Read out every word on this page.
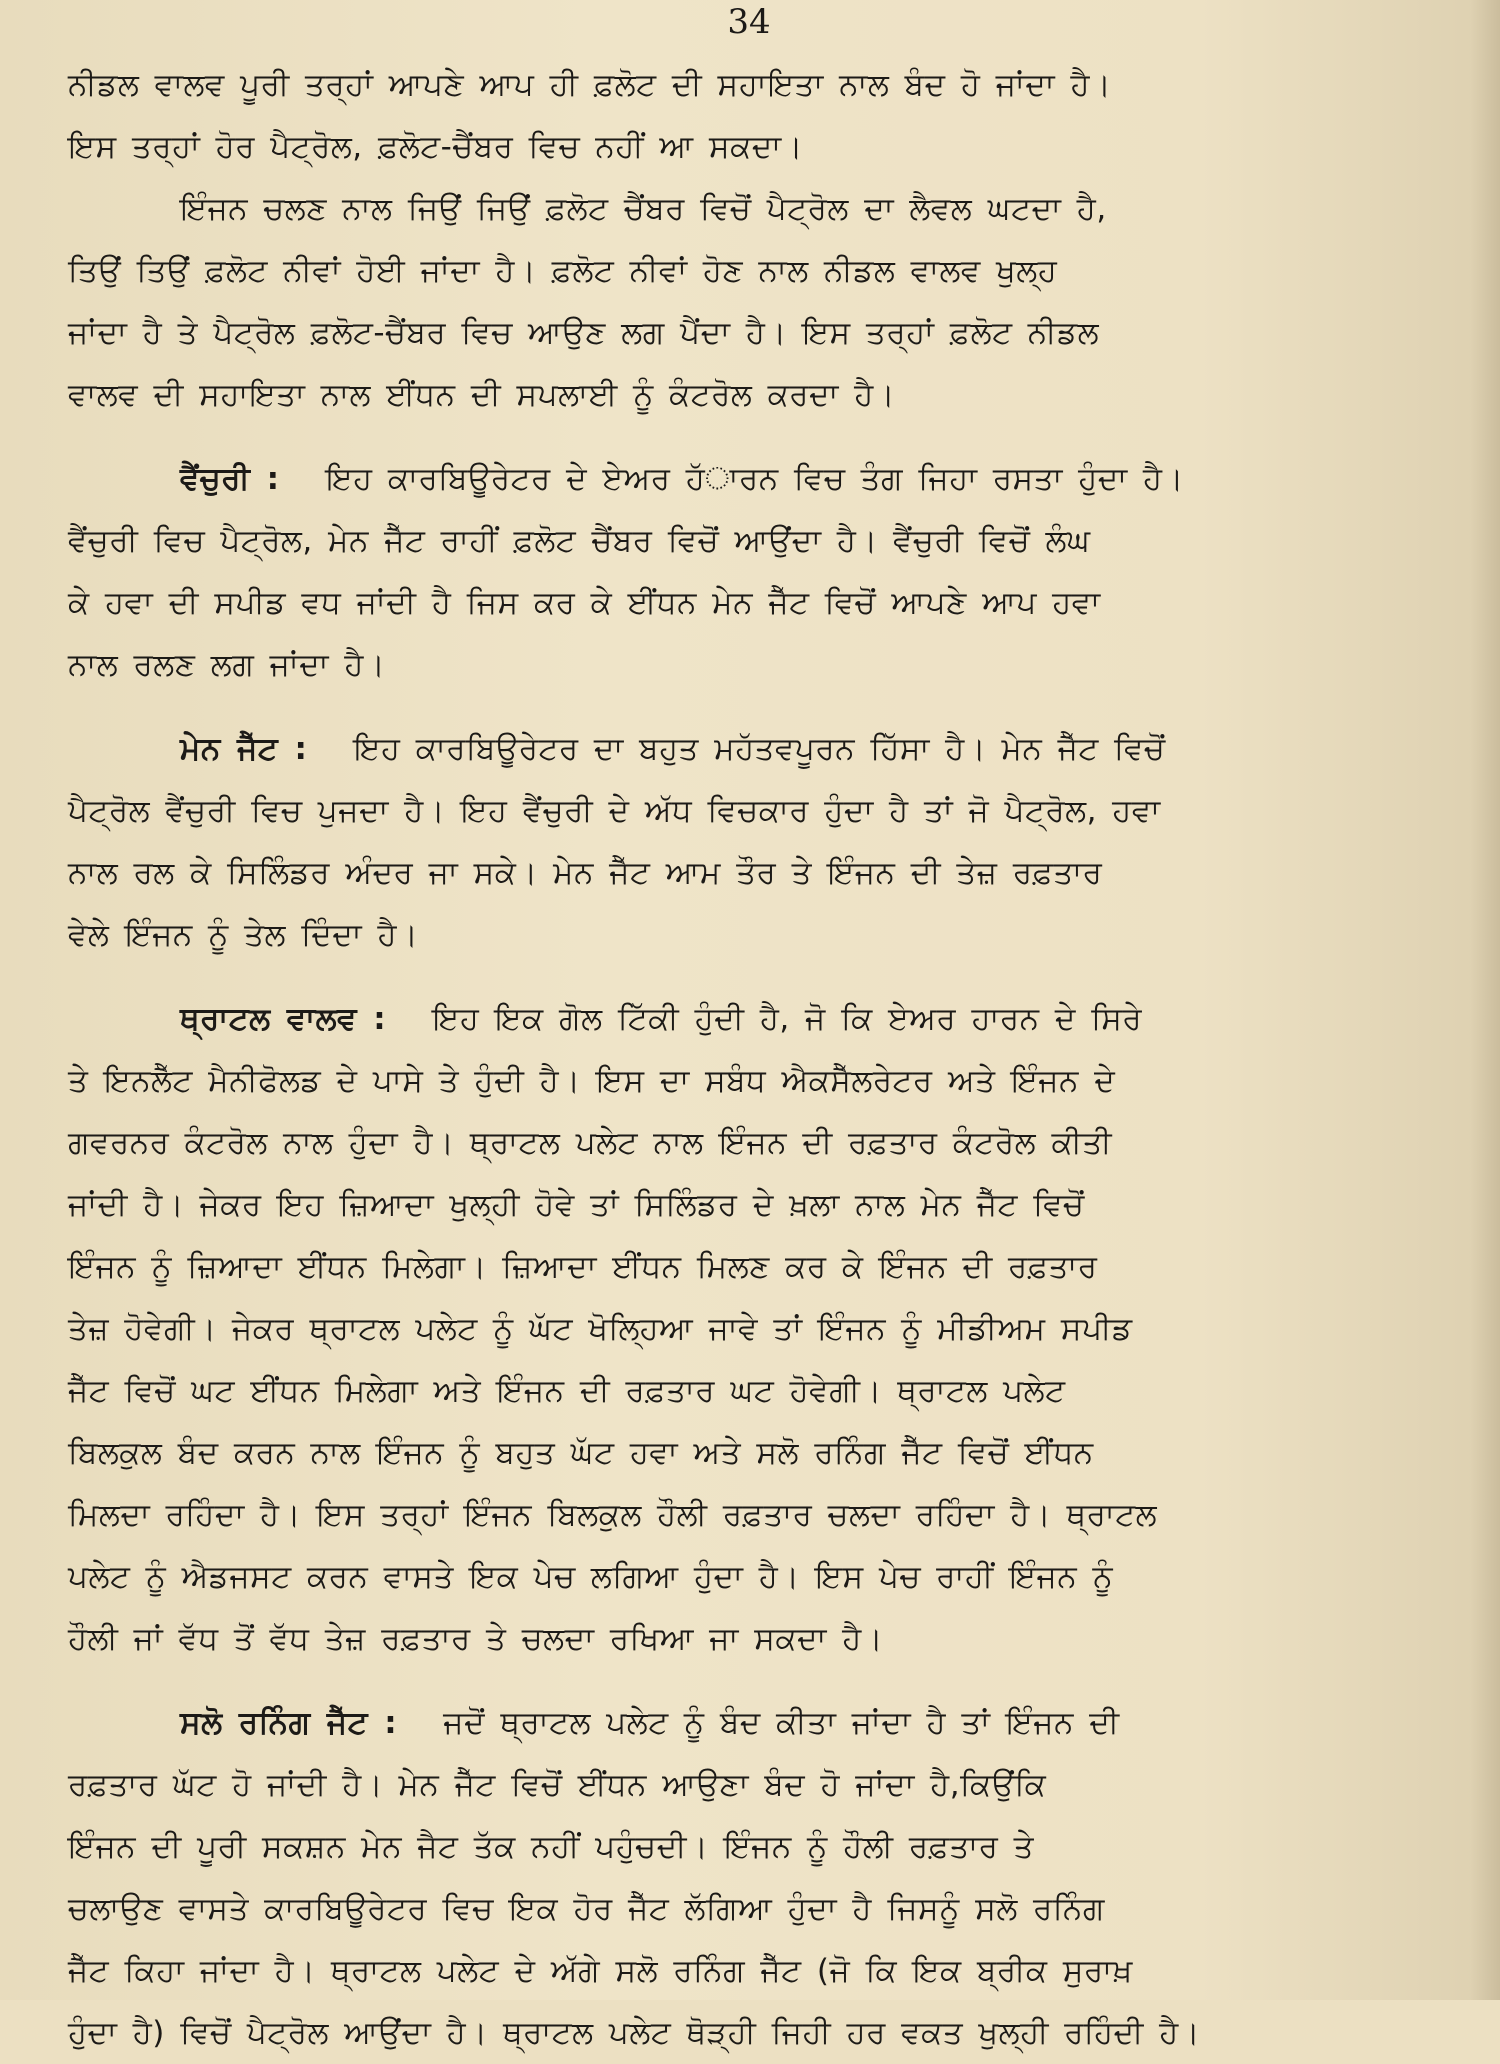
34
ਨੀਡਲ ਵਾਲਵ ਪੂਰੀ ਤਰ੍ਹਾਂ ਆਪਣੇ ਆਪ ਹੀ ਫ਼ਲੋਟ ਦੀ ਸਹਾਇਤਾ ਨਾਲ ਬੰਦ ਹੋ ਜਾਂਦਾ ਹੈ।
ਇਸ ਤਰ੍ਹਾਂ ਹੋਰ ਪੈਟ੍ਰੋਲ, ਫ਼ਲੋਟ-ਚੈਂਬਰ ਵਿਚ ਨਹੀਂ ਆ ਸਕਦਾ।
ਇੰਜਨ ਚਲਣ ਨਾਲ ਜਿਉਂ ਜਿਉਂ ਫ਼ਲੋਟ ਚੈਂਬਰ ਵਿਚੋਂ ਪੈਟ੍ਰੋਲ ਦਾ ਲੈਵਲ ਘਟਦਾ ਹੈ,
ਤਿਉਂ ਤਿਉਂ ਫ਼ਲੋਟ ਨੀਵਾਂ ਹੋਈ ਜਾਂਦਾ ਹੈ। ਫ਼ਲੋਟ ਨੀਵਾਂ ਹੋਣ ਨਾਲ ਨੀਡਲ ਵਾਲਵ ਖੁਲ੍ਹ
ਜਾਂਦਾ ਹੈ ਤੇ ਪੈਟ੍ਰੋਲ ਫ਼ਲੋਟ-ਚੈਂਬਰ ਵਿਚ ਆਉਣ ਲਗ ਪੈਂਦਾ ਹੈ। ਇਸ ਤਰ੍ਹਾਂ ਫ਼ਲੋਟ ਨੀਡਲ
ਵਾਲਵ ਦੀ ਸਹਾਇਤਾ ਨਾਲ ਈਂਧਨ ਦੀ ਸਪਲਾਈ ਨੂੰ ਕੰਟਰੋਲ ਕਰਦਾ ਹੈ।
ਵੈਂਚੁਰੀ : ਇਹ ਕਾਰਬਿਊਰੇਟਰ ਦੇ ਏਅਰ ਹੱਾਰਨ ਵਿਚ ਤੰਗ ਜਿਹਾ ਰਸਤਾ ਹੁੰਦਾ ਹੈ।
ਵੈਂਚੁਰੀ ਵਿਚ ਪੈਟ੍ਰੋਲ, ਮੇਨ ਜੈੱਟ ਰਾਹੀਂ ਫ਼ਲੋਟ ਚੈਂਬਰ ਵਿਚੋਂ ਆਉਂਦਾ ਹੈ। ਵੈਂਚੁਰੀ ਵਿਚੋਂ ਲੰਘ
ਕੇ ਹਵਾ ਦੀ ਸਪੀਡ ਵਧ ਜਾਂਦੀ ਹੈ ਜਿਸ ਕਰ ਕੇ ਈਂਧਨ ਮੇਨ ਜੈੱਟ ਵਿਚੋਂ ਆਪਣੇ ਆਪ ਹਵਾ
ਨਾਲ ਰਲਣ ਲਗ ਜਾਂਦਾ ਹੈ।
ਮੇਨ ਜੈੱਟ : ਇਹ ਕਾਰਬਿਊਰੇਟਰ ਦਾ ਬਹੁਤ ਮਹੱਤਵਪੂਰਨ ਹਿੱਸਾ ਹੈ। ਮੇਨ ਜੈੱਟ ਵਿਚੋਂ
ਪੈਟ੍ਰੋਲ ਵੈਂਚੁਰੀ ਵਿਚ ਪੁਜਦਾ ਹੈ। ਇਹ ਵੈਂਚੁਰੀ ਦੇ ਅੱਧ ਵਿਚਕਾਰ ਹੁੰਦਾ ਹੈ ਤਾਂ ਜੋ ਪੈਟ੍ਰੋਲ, ਹਵਾ
ਨਾਲ ਰਲ ਕੇ ਸਿਲਿੰਡਰ ਅੰਦਰ ਜਾ ਸਕੇ। ਮੇਨ ਜੈੱਟ ਆਮ ਤੌਰ ਤੇ ਇੰਜਨ ਦੀ ਤੇਜ਼ ਰਫ਼ਤਾਰ
ਵੇਲੇ ਇੰਜਨ ਨੂੰ ਤੇਲ ਦਿੰਦਾ ਹੈ।
ਥ੍ਰਾਟਲ ਵਾਲਵ : ਇਹ ਇਕ ਗੋਲ ਟਿੱਕੀ ਹੁੰਦੀ ਹੈ, ਜੋ ਕਿ ਏਅਰ ਹਾਰਨ ਦੇ ਸਿਰੇ
ਤੇ ਇਨਲੈੱਟ ਮੈਨੀਫੋਲਡ ਦੇ ਪਾਸੇ ਤੇ ਹੁੰਦੀ ਹੈ। ਇਸ ਦਾ ਸਬੰਧ ਐਕਸੈੱਲਰੇਟਰ ਅਤੇ ਇੰਜਨ ਦੇ
ਗਵਰਨਰ ਕੰਟਰੋਲ ਨਾਲ ਹੁੰਦਾ ਹੈ। ਥ੍ਰਾਟਲ ਪਲੇਟ ਨਾਲ ਇੰਜਨ ਦੀ ਰਫ਼ਤਾਰ ਕੰਟਰੋਲ ਕੀਤੀ
ਜਾਂਦੀ ਹੈ। ਜੇਕਰ ਇਹ ਜ਼ਿਆਦਾ ਖੁਲ੍ਹੀ ਹੋਵੇ ਤਾਂ ਸਿਲਿੰਡਰ ਦੇ ਖ਼ਲਾ ਨਾਲ ਮੇਨ ਜੈੱਟ ਵਿਚੋਂ
ਇੰਜਨ ਨੂੰ ਜ਼ਿਆਦਾ ਈਂਧਨ ਮਿਲੇਗਾ। ਜ਼ਿਆਦਾ ਈਂਧਨ ਮਿਲਣ ਕਰ ਕੇ ਇੰਜਨ ਦੀ ਰਫ਼ਤਾਰ
ਤੇਜ਼ ਹੋਵੇਗੀ। ਜੇਕਰ ਥ੍ਰਾਟਲ ਪਲੇਟ ਨੂੰ ਘੱਟ ਖੋਲ੍ਹਿਆ ਜਾਵੇ ਤਾਂ ਇੰਜਨ ਨੂੰ ਮੀਡੀਅਮ ਸਪੀਡ
ਜੈੱਟ ਵਿਚੋਂ ਘਟ ਈਂਧਨ ਮਿਲੇਗਾ ਅਤੇ ਇੰਜਨ ਦੀ ਰਫ਼ਤਾਰ ਘਟ ਹੋਵੇਗੀ। ਥ੍ਰਾਟਲ ਪਲੇਟ
ਬਿਲਕੁਲ ਬੰਦ ਕਰਨ ਨਾਲ ਇੰਜਨ ਨੂੰ ਬਹੁਤ ਘੱਟ ਹਵਾ ਅਤੇ ਸਲੋ ਰਨਿੰਗ ਜੈੱਟ ਵਿਚੋਂ ਈਂਧਨ
ਮਿਲਦਾ ਰਹਿੰਦਾ ਹੈ। ਇਸ ਤਰ੍ਹਾਂ ਇੰਜਨ ਬਿਲਕੁਲ ਹੌਲੀ ਰਫ਼ਤਾਰ ਚਲਦਾ ਰਹਿੰਦਾ ਹੈ। ਥ੍ਰਾਟਲ
ਪਲੇਟ ਨੂੰ ਐਡਜਸਟ ਕਰਨ ਵਾਸਤੇ ਇਕ ਪੇਚ ਲਗਿਆ ਹੁੰਦਾ ਹੈ। ਇਸ ਪੇਚ ਰਾਹੀਂ ਇੰਜਨ ਨੂੰ
ਹੌਲੀ ਜਾਂ ਵੱਧ ਤੋਂ ਵੱਧ ਤੇਜ਼ ਰਫ਼ਤਾਰ ਤੇ ਚਲਦਾ ਰਖਿਆ ਜਾ ਸਕਦਾ ਹੈ।
ਸਲੋ ਰਨਿੰਗ ਜੈੱਟ : ਜਦੋਂ ਥ੍ਰਾਟਲ ਪਲੇਟ ਨੂੰ ਬੰਦ ਕੀਤਾ ਜਾਂਦਾ ਹੈ ਤਾਂ ਇੰਜਨ ਦੀ
ਰਫ਼ਤਾਰ ਘੱਟ ਹੋ ਜਾਂਦੀ ਹੈ। ਮੇਨ ਜੈੱਟ ਵਿਚੋਂ ਈਂਧਨ ਆਉਣਾ ਬੰਦ ਹੋ ਜਾਂਦਾ ਹੈ,ਕਿਉਂਕਿ
ਇੰਜਨ ਦੀ ਪੂਰੀ ਸਕਸ਼ਨ ਮੇਨ ਜੈਟ ਤੱਕ ਨਹੀਂ ਪਹੁੰਚਦੀ। ਇੰਜਨ ਨੂੰ ਹੌਲੀ ਰਫ਼ਤਾਰ ਤੇ
ਚਲਾਉਣ ਵਾਸਤੇ ਕਾਰਬਿਊਰੇਟਰ ਵਿਚ ਇਕ ਹੋਰ ਜੈੱਟ ਲੱਗਿਆ ਹੁੰਦਾ ਹੈ ਜਿਸਨੂੰ ਸਲੋ ਰਨਿੰਗ
ਜੈੱਟ ਕਿਹਾ ਜਾਂਦਾ ਹੈ। ਥ੍ਰਾਟਲ ਪਲੇਟ ਦੇ ਅੱਗੇ ਸਲੋ ਰਨਿੰਗ ਜੈੱਟ (ਜੋ ਕਿ ਇਕ ਬ੍ਰੀਕ ਸੁਰਾਖ਼
ਹੁੰਦਾ ਹੈ) ਵਿਚੋਂ ਪੈਟ੍ਰੋਲ ਆਉਂਦਾ ਹੈ। ਥ੍ਰਾਟਲ ਪਲੇਟ ਥੋੜ੍ਹੀ ਜਿਹੀ ਹਰ ਵਕਤ ਖੁਲ੍ਹੀ ਰਹਿੰਦੀ ਹੈ।
